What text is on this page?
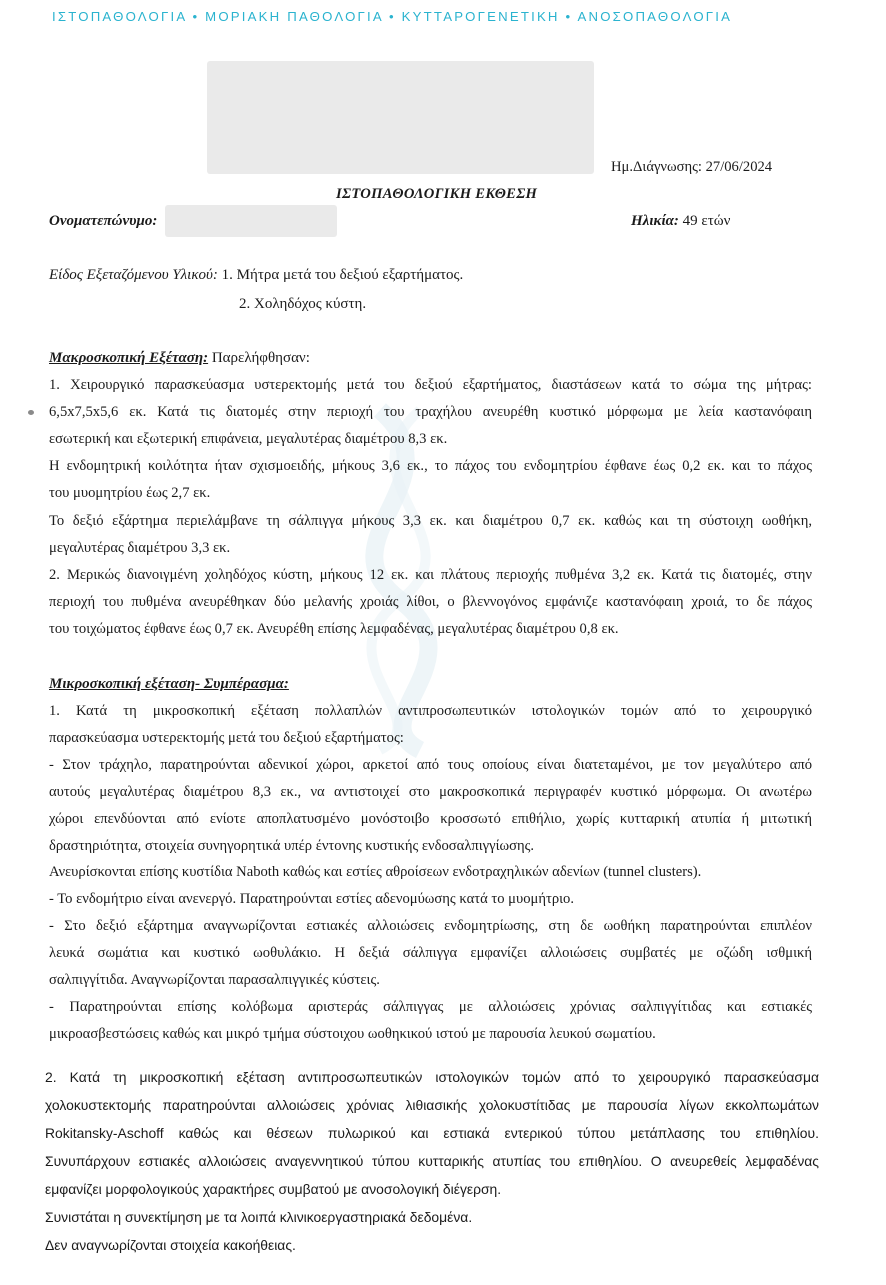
ΙΣΤΟΠΑΘΟΛΟΓΙΑ • ΜΟΡΙΑΚΗ ΠΑΘΟΛΟΓΙΑ • ΚΥΤΤΑΡΟΓΕΝΕΤΙΚΗ • ΑΝΟΣΟΠΑΘΟΛΟΓΙΑ
Ημ.Διάγνωσης: 27/06/2024
ΙΣΤΟΠΑΘΟΛΟΓΙΚΗ ΕΚΘΕΣΗ
Ονοματεπώνυμο:	Ηλικία: 49 ετών
Είδος Εξεταζόμενου Υλικού: 1. Μήτρα μετά του δεξιού εξαρτήματος.
2. Χοληδόχος κύστη.
Μακροσκοπική Εξέταση: Παρελήφθησαν:
1. Χειρουργικό παρασκεύασμα υστερεκτομής μετά του δεξιού εξαρτήματος, διαστάσεων κατά το σώμα της μήτρας:
6,5x7,5x5,6 εκ. Κατά τις διατομές στην περιοχή του τραχήλου ανευρέθη κυστικό μόρφωμα με λεία καστανόφαιη
εσωτερική και εξωτερική επιφάνεια, μεγαλυτέρας διαμέτρου 8,3 εκ.
Η ενδομητρική κοιλότητα ήταν σχισμοειδής, μήκους 3,6 εκ., το πάχος του ενδομητρίου έφθανε έως 0,2 εκ. και το πάχος
του μυομητρίου έως 2,7 εκ.
Το δεξιό εξάρτημα περιελάμβανε τη σάλπιγγα μήκους 3,3 εκ. και διαμέτρου 0,7 εκ. καθώς και τη σύστοιχη ωοθήκη,
μεγαλυτέρας διαμέτρου 3,3 εκ.
2. Μερικώς διανοιγμένη χοληδόχος κύστη, μήκους 12 εκ. και πλάτους περιοχής πυθμένα 3,2 εκ. Κατά τις διατομές, στην
περιοχή του πυθμένα ανευρέθηκαν δύο μελανής χροιάς λίθοι, ο βλεννογόνος εμφάνιζε καστανόφαιη χροιά, το δε πάχος
του τοιχώματος έφθανε έως 0,7 εκ. Ανευρέθη επίσης λεμφαδένας, μεγαλυτέρας διαμέτρου 0,8 εκ.
Μικροσκοπική εξέταση- Συμπέρασμα:
1. Κατά τη μικροσκοπική εξέταση πολλαπλών αντιπροσωπευτικών ιστολογικών τομών από το χειρουργικό
παρασκεύασμα υστερεκτομής μετά του δεξιού εξαρτήματος:
- Στον τράχηλο, παρατηρούνται αδενικοί χώροι, αρκετοί από τους οποίους είναι διατεταμένοι, με τον μεγαλύτερο από
αυτούς μεγαλυτέρας διαμέτρου 8,3 εκ., να αντιστοιχεί στο μακροσκοπικά περιγραφέν κυστικό μόρφωμα. Οι ανωτέρω
χώροι επενδύονται από ενίοτε αποπλατυσμένο μονόστοιβο κροσσωτό επιθήλιο, χωρίς κυτταρική ατυπία ή μιτωτική
δραστηριότητα, στοιχεία συνηγορητικά υπέρ έντονης κυστικής ενδοσαλπιγγίωσης.
Ανευρίσκονται επίσης κυστίδια Naboth καθώς και εστίες αθροίσεων ενδοτραχηλικών αδενίων (tunnel clusters).
- Το ενδομήτριο είναι ανενεργό. Παρατηρούνται εστίες αδενομύωσης κατά το μυομήτριο.
- Στο δεξιό εξάρτημα αναγνωρίζονται εστιακές αλλοιώσεις ενδομητρίωσης, στη δε ωοθήκη παρατηρούνται επιπλέον
λευκά σωμάτια και κυστικό ωοθυλάκιο. Η δεξιά σάλπιγγα εμφανίζει αλλοιώσεις συμβατές με οζώδη ισθμική
σαλπιγγίτιδα. Αναγνωρίζονται παρασαλπιγγικές κύστεις.
- Παρατηρούνται επίσης κολόβωμα αριστεράς σάλπιγγας με αλλοιώσεις χρόνιας σαλπιγγίτιδας και εστιακές
μικροασβεστώσεις καθώς και μικρό τμήμα σύστοιχου ωοθηκικού ιστού με παρουσία λευκού σωματίου.
2. Κατά τη μικροσκοπική εξέταση αντιπροσωπευτικών ιστολογικών τομών από το χειρουργικό παρασκεύασμα
χολοκυστεκτομής παρατηρούνται αλλοιώσεις χρόνιας λιθιασικής χολοκυστίτιδας με παρουσία λίγων εκκολπωμάτων
Rokitansky-Aschoff καθώς και θέσεων πυλωρικού και εστιακά εντερικού τύπου μετάπλασης του επιθηλίου.
Συνυπάρχουν εστιακές αλλοιώσεις αναγεννητικού τύπου κυτταρικής ατυπίας του επιθηλίου. Ο ανευρεθείς λεμφαδένας
εμφανίζει μορφολογικούς χαρακτήρες συμβατού με ανοσολογική διέγερση.
Συνιστάται η συνεκτίμηση με τα λοιπά κλινικοεργαστηριακά δεδομένα.
Δεν αναγνωρίζονται στοιχεία κακοήθειας.
